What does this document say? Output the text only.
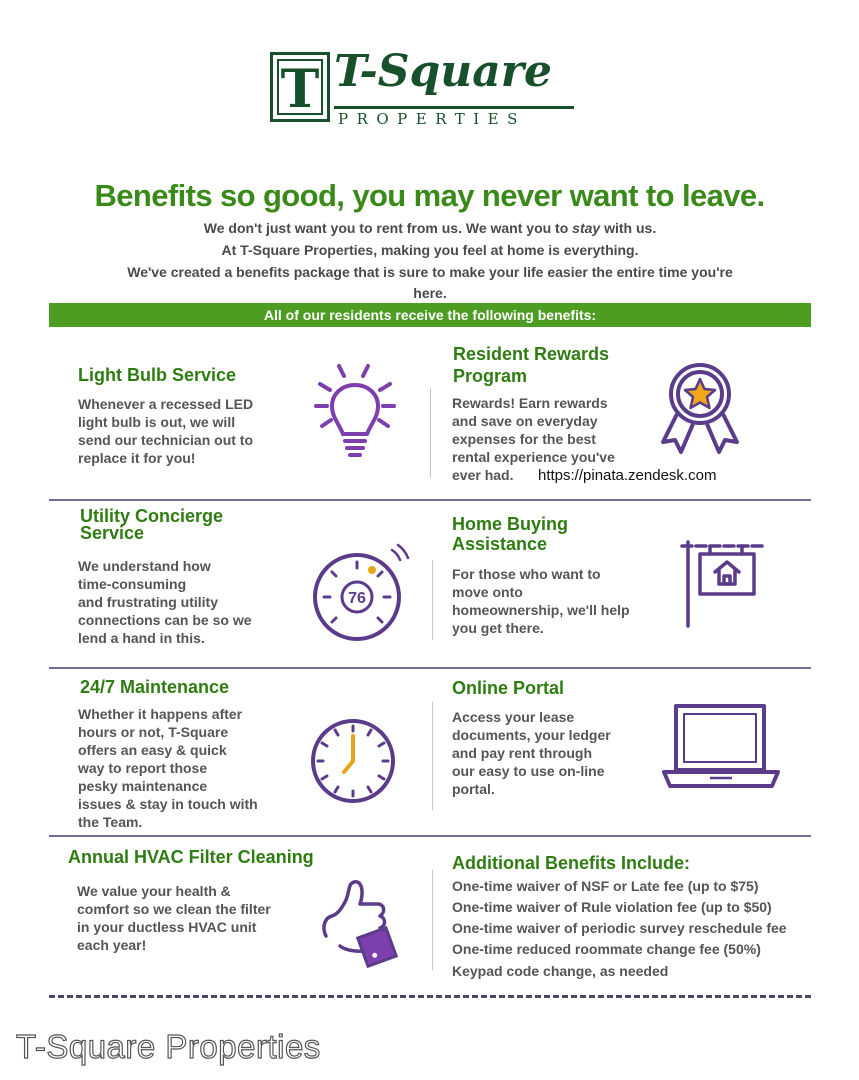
T T-Square
PROPERTIES
Benefits so good, you may never want to leave.
We don't just want you to rent from us. We want you to stay with us.
At T-Square Properties, making you feel at home is everything.
We've created a benefits package that is sure to make your life easier the entire time you're
here.
All of our residents receive the following benefits:
Light Bulb Service
Whenever a recessed LED
light bulb is out, we will
send our technician out to
replace it for you!
Resident Rewards
Program
Rewards! Earn rewards
and save on everyday
expenses for the best
rental experience you've
ever had.	https://pinata.zendesk.com
Utility Concierge
Service
We understand how
time-consuming
and frustrating utility
connections can be so we
lend a hand in this.
76
Home Buying
Assistance
For those who want to
move onto
homeownership, we'll help
you get there.
24/7 Maintenance
Whether it happens after
hours or not, T-Square
offers an easy & quick
way to report those
pesky maintenance
issues & stay in touch with
the Team.
Online Portal
Access your lease
documents, your ledger
and pay rent through
our easy to use on-line
portal.
Annual HVAC Filter Cleaning
We value your health &
comfort so we clean the filter
in your ductless HVAC unit
each year!
Additional Benefits Include:
One-time waiver of NSF or Late fee (up to $75)
One-time waiver of Rule violation fee (up to $50)
One-time waiver of periodic survey reschedule fee
One-time reduced roommate change fee (50%)
Keypad code change, as needed
T-Square Properties
